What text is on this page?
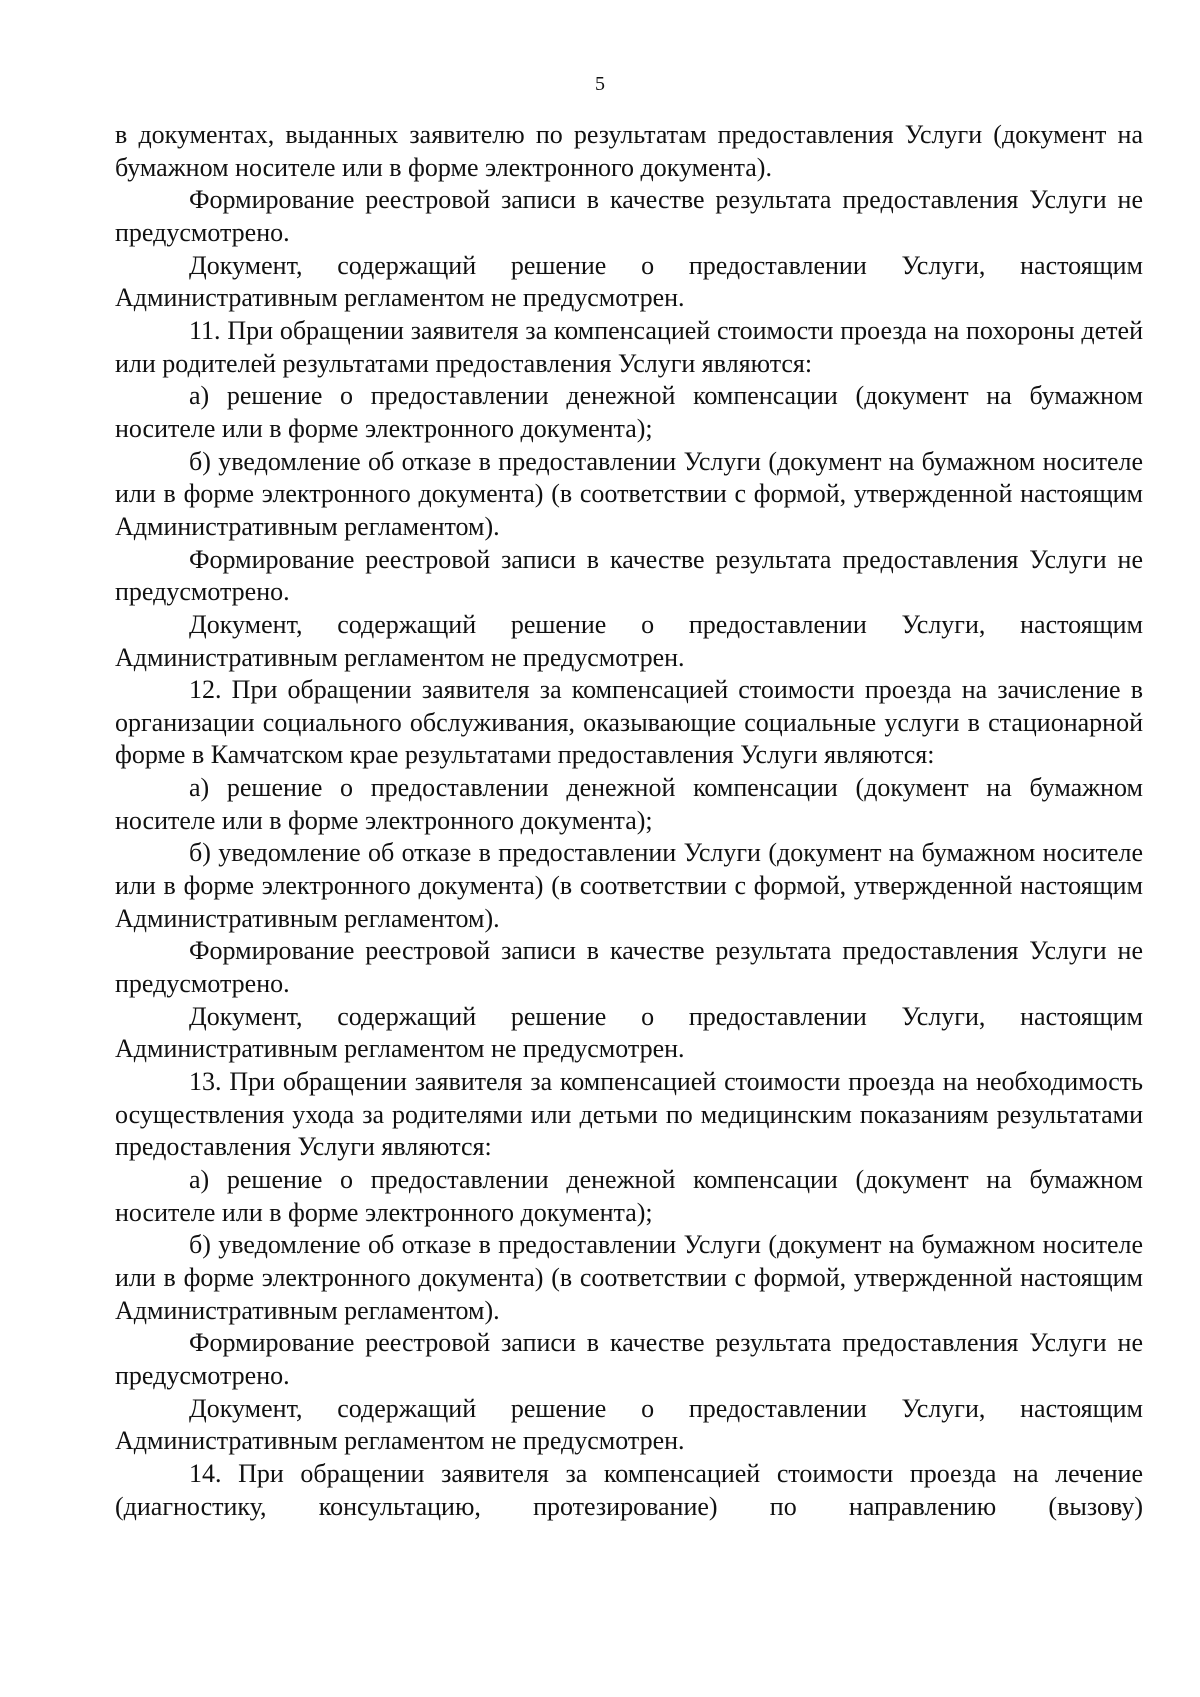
5

в документах, выданных заявителю по результатам предоставления Услуги (документ на бумажном носителе или в форме электронного документа).

Формирование реестровой записи в качестве результата предоставления Услуги не предусмотрено.

Документ, содержащий решение о предоставлении Услуги, настоящим Административным регламентом не предусмотрен.

11. При обращении заявителя за компенсацией стоимости проезда на похороны детей или родителей результатами предоставления Услуги являются:

а) решение о предоставлении денежной компенсации (документ на бумажном носителе или в форме электронного документа);

б) уведомление об отказе в предоставлении Услуги (документ на бумажном носителе или в форме электронного документа) (в соответствии с формой, утвержденной настоящим Административным регламентом).

Формирование реестровой записи в качестве результата предоставления Услуги не предусмотрено.

Документ, содержащий решение о предоставлении Услуги, настоящим Административным регламентом не предусмотрен.

12. При обращении заявителя за компенсацией стоимости проезда на зачисление в организации социального обслуживания, оказывающие социальные услуги в стационарной форме в Камчатском крае результатами предоставления Услуги являются:

а) решение о предоставлении денежной компенсации (документ на бумажном носителе или в форме электронного документа);

б) уведомление об отказе в предоставлении Услуги (документ на бумажном носителе или в форме электронного документа) (в соответствии с формой, утвержденной настоящим Административным регламентом).

Формирование реестровой записи в качестве результата предоставления Услуги не предусмотрено.

Документ, содержащий решение о предоставлении Услуги, настоящим Административным регламентом не предусмотрен.

13. При обращении заявителя за компенсацией стоимости проезда на необходимость осуществления ухода за родителями или детьми по медицинским показаниям результатами предоставления Услуги являются:

а) решение о предоставлении денежной компенсации (документ на бумажном носителе или в форме электронного документа);

б) уведомление об отказе в предоставлении Услуги (документ на бумажном носителе или в форме электронного документа) (в соответствии с формой, утвержденной настоящим Административным регламентом).

Формирование реестровой записи в качестве результата предоставления Услуги не предусмотрено.

Документ, содержащий решение о предоставлении Услуги, настоящим Административным регламентом не предусмотрен.

14. При обращении заявителя за компенсацией стоимости проезда на лечение (диагностику, консультацию, протезирование) по направлению (вызову)
